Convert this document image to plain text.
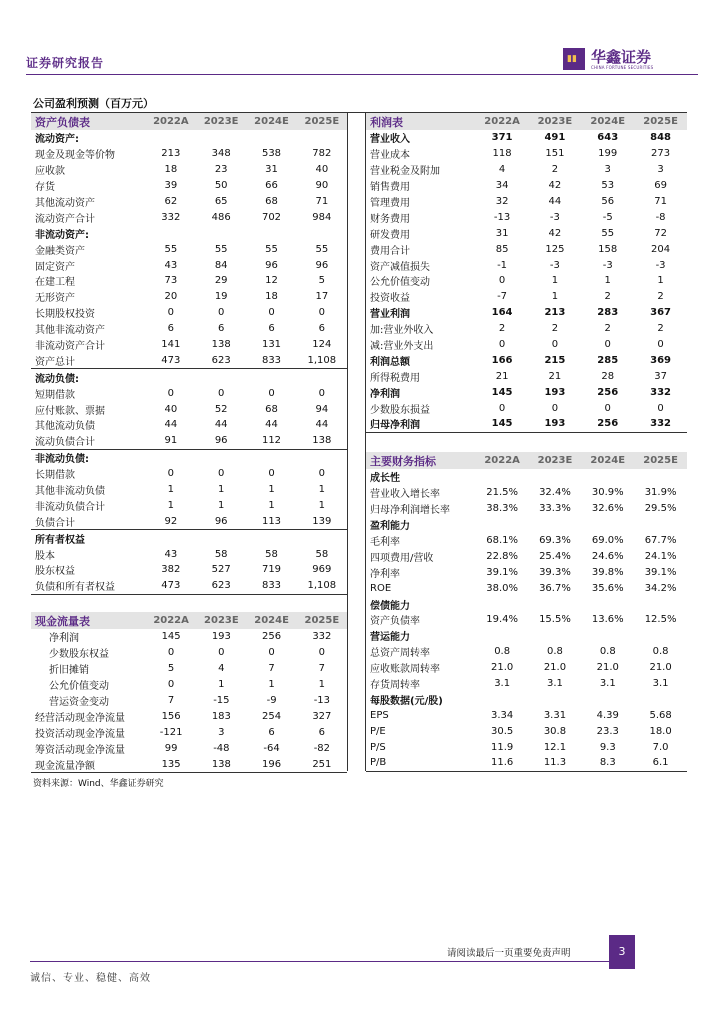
证券研究报告	▮▮ 华鑫证券
CHINA FORTUNE SECURITIES
公司盈利预测（百万元）
资产负债表	2022A	2023E	2024E	2025E
流动资产:				
现金及现金等价物	213	348	538	782
应收款	18	23	31	40
存货	39	50	66	90
其他流动资产	62	65	68	71
流动资产合计	332	486	702	984
非流动资产:				
金融类资产	55	55	55	55
固定资产	43	84	96	96
在建工程	73	29	12	5
无形资产	20	19	18	17
长期股权投资	0	0	0	0
其他非流动资产	6	6	6	6
非流动资产合计	141	138	131	124
资产总计	473	623	833	1,108
流动负债:				
短期借款	0	0	0	0
应付账款、票据	40	52	68	94
其他流动负债	44	44	44	44
流动负债合计	91	96	112	138
非流动负债:				
长期借款	0	0	0	0
其他非流动负债	1	1	1	1
非流动负债合计	1	1	1	1
负债合计	92	96	113	139
所有者权益				
股本	43	58	58	58
股东权益	382	527	719	969
负债和所有者权益	473	623	833	1,108
现金流量表	2022A	2023E	2024E	2025E
净利润	145	193	256	332
少数股东权益	0	0	0	0
折旧摊销	5	4	7	7
公允价值变动	0	1	1	1
营运资金变动	7	-15	-9	-13
经营活动现金净流量	156	183	254	327
投资活动现金净流量	-121	3	6	6
筹资活动现金净流量	99	-48	-64	-82
现金流量净额	135	138	196	251
利润表	2022A	2023E	2024E	2025E
营业收入	371	491	643	848
营业成本	118	151	199	273
营业税金及附加	4	2	3	3
销售费用	34	42	53	69
管理费用	32	44	56	71
财务费用	-13	-3	-5	-8
研发费用	31	42	55	72
费用合计	85	125	158	204
资产减值损失	-1	-3	-3	-3
公允价值变动	0	1	1	1
投资收益	-7	1	2	2
营业利润	164	213	283	367
加:营业外收入	2	2	2	2
减:营业外支出	0	0	0	0
利润总额	166	215	285	369
所得税费用	21	21	28	37
净利润	145	193	256	332
少数股东损益	0	0	0	0
归母净利润	145	193	256	332
主要财务指标	2022A	2023E	2024E	2025E
成长性				
营业收入增长率	21.5%	32.4%	30.9%	31.9%
归母净利润增长率	38.3%	33.3%	32.6%	29.5%
盈利能力				
毛利率	68.1%	69.3%	69.0%	67.7%
四项费用/营收	22.8%	25.4%	24.6%	24.1%
净利率	39.1%	39.3%	39.8%	39.1%
ROE	38.0%	36.7%	35.6%	34.2%
偿债能力				
资产负债率	19.4%	15.5%	13.6%	12.5%
营运能力				
总资产周转率	0.8	0.8	0.8	0.8
应收账款周转率	21.0	21.0	21.0	21.0
存货周转率	3.1	3.1	3.1	3.1
每股数据(元/股)				
EPS	3.34	3.31	4.39	5.68
P/E	30.5	30.8	23.3	18.0
P/S	11.9	12.1	9.3	7.0
P/B	11.6	11.3	8.3	6.1
资料来源：Wind、华鑫证券研究
请阅读最后一页重要免责声明	3
诚信、专业、稳健、高效
